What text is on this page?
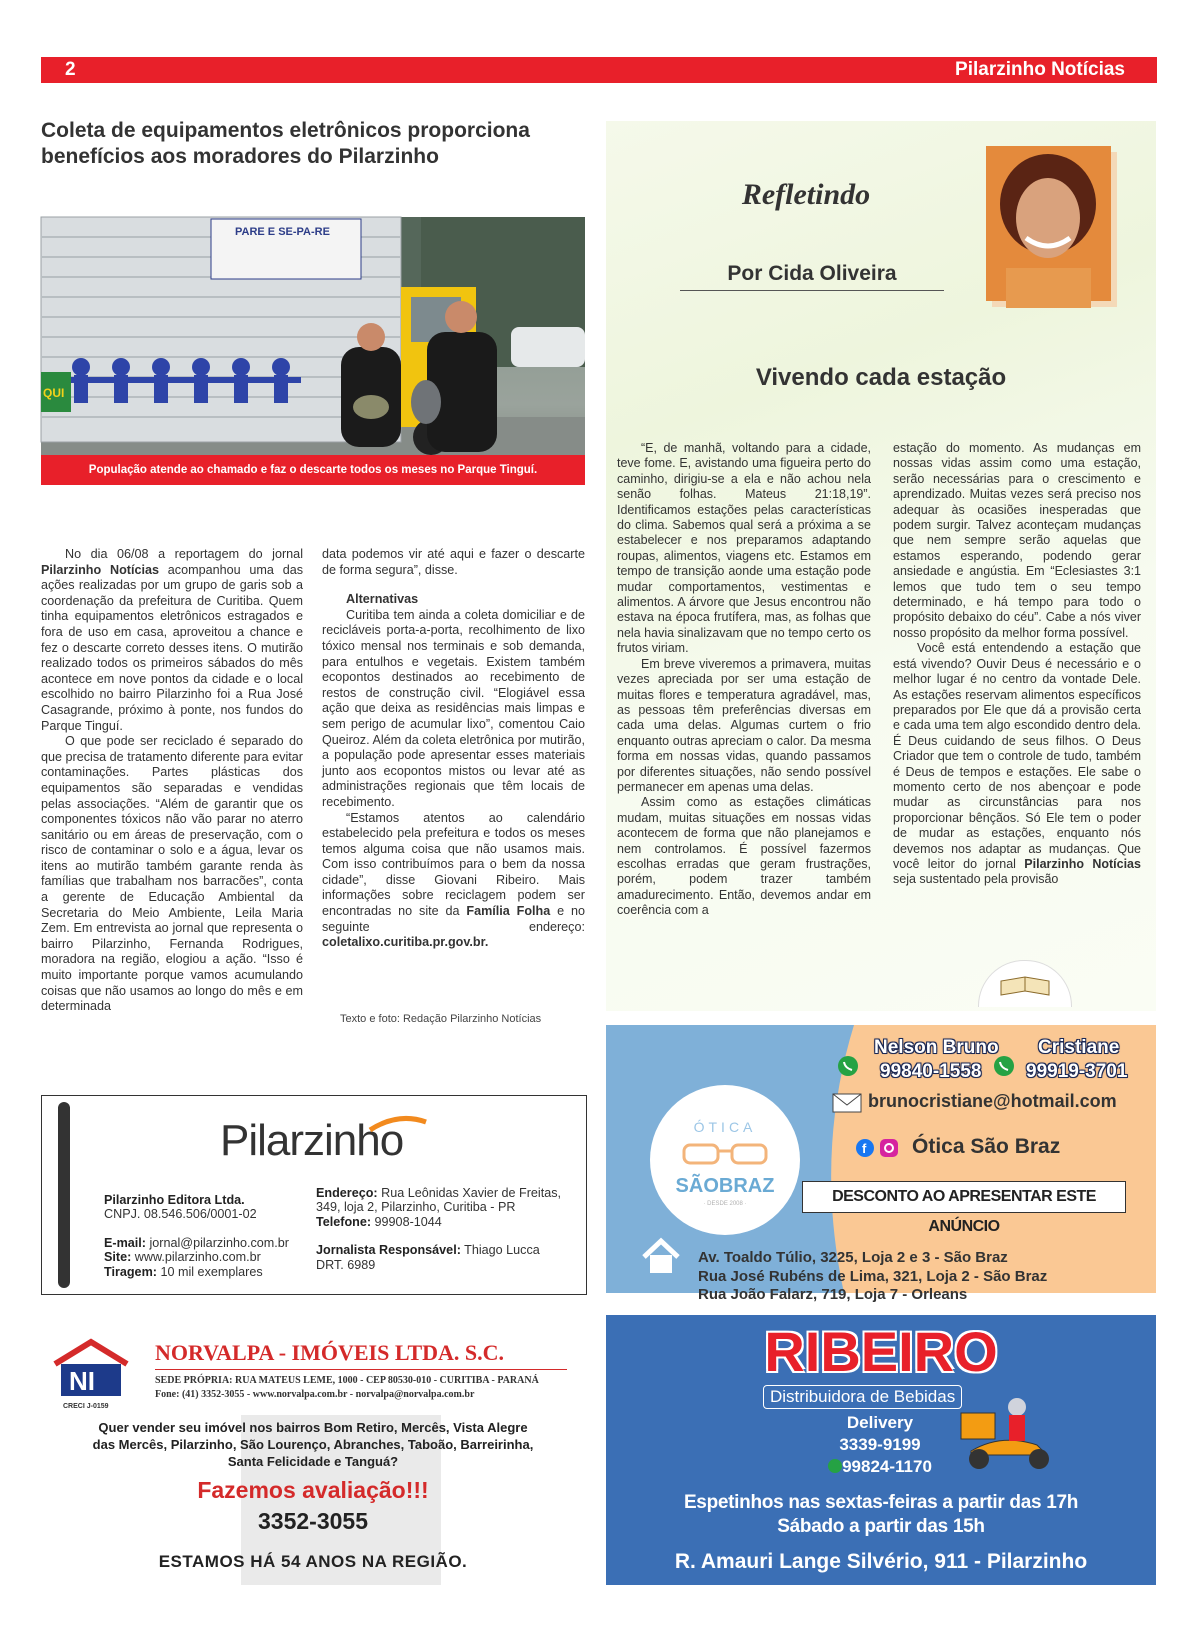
2	Pilarzinho Notícias
Coleta de equipamentos eletrônicos proporciona
benefícios aos moradores do Pilarzinho
PARE E SE-PA-RE
QUI
População atende ao chamado e faz o descarte todos os meses no Parque Tinguí.

No dia 06/08 a reportagem do jornal Pilarzinho Notícias acompanhou uma das ações realizadas por um grupo de garis sob a coordenação da prefeitura de Curitiba. Quem tinha equipamentos eletrônicos estragados e fora de uso em casa, aproveitou a chance e fez o descarte correto desses itens. O mutirão realizado todos os primeiros sábados do mês acontece em nove pontos da cidade e o local escolhido no bairro Pilarzinho foi a Rua José Casagrande, próximo à ponte, nos fundos do Parque Tinguí.

O que pode ser reciclado é separado do que precisa de tratamento diferente para evitar contaminações. Partes plásticas dos equipamentos são separadas e vendidas pelas associações. “Além de garantir que os componentes tóxicos não vão parar no aterro sanitário ou em áreas de preservação, com o risco de contaminar o solo e a água, levar os itens ao mutirão também garante renda às famílias que trabalham nos barracões”, conta a gerente de Educação Ambiental da Secretaria do Meio Ambiente, Leila Maria Zem. Em entrevista ao jornal que representa o bairro Pilarzinho, Fernanda Rodrigues, moradora na região, elogiou a ação. “Isso é muito importante porque vamos acumulando coisas que não usamos ao longo do mês e em determinada

data podemos vir até aqui e fazer o descarte de forma segura”, disse.

Alternativas

Curitiba tem ainda a coleta domiciliar e de recicláveis porta-a-porta, recolhimento de lixo tóxico mensal nos terminais e sob demanda, para entulhos e vegetais. Existem também ecopontos destinados ao recebimento de restos de construção civil. “Elogiável essa ação que deixa as residências mais limpas e sem perigo de acumular lixo”, comentou Caio Queiroz. Além da coleta eletrônica por mutirão, a população pode apresentar esses materiais junto aos ecopontos mistos ou levar até as administrações regionais que têm locais de recebimento.

“Estamos atentos ao calendário estabelecido pela prefeitura e todos os meses temos alguma coisa que não usamos mais. Com isso contribuímos para o bem da nossa cidade”, disse Giovani Ribeiro. Mais informações sobre reciclagem podem ser encontradas no site da Família Folha e no seguinte endereço: coletalixo.curitiba.pr.gov.br.

Texto e foto: Redação Pilarzinho Notícias
Refletindo
Por Cida Oliveira
Vivendo cada estação

“E, de manhã, voltando para a cidade, teve fome. E, avistando uma figueira perto do caminho, dirigiu-se a ela e não achou nela senão folhas. Mateus 21:18,19”. Identificamos estações pelas características do clima. Sabemos qual será a próxima a se estabelecer e nos preparamos adaptando roupas, alimentos, viagens etc. Estamos em tempo de transição aonde uma estação pode mudar comportamentos, vestimentas e alimentos. A árvore que Jesus encontrou não estava na época frutífera, mas, as folhas que nela havia sinalizavam que no tempo certo os frutos viriam.

Em breve viveremos a primavera, muitas vezes apreciada por ser uma estação de muitas flores e temperatura agradável, mas, as pessoas têm preferências diversas em cada uma delas. Algumas curtem o frio enquanto outras apreciam o calor. Da mesma forma em nossas vidas, quando passamos por diferentes situações, não sendo possível permanecer em apenas uma delas.

Assim como as estações climáticas mudam, muitas situações em nossas vidas acontecem de forma que não planejamos e nem controlamos. É possível fazermos escolhas erradas que geram frustrações, porém, podem trazer também amadurecimento. Então, devemos andar em coerência com a

estação do momento. As mudanças em nossas vidas assim como uma estação, serão necessárias para o crescimento e aprendizado. Muitas vezes será preciso nos adequar às ocasiões inesperadas que podem surgir. Talvez aconteçam mudanças que nem sempre serão aquelas que estamos esperando, podendo gerar ansiedade e angústia. Em “Eclesiastes 3:1 lemos que tudo tem o seu tempo determinado, e há tempo para todo o propósito debaixo do céu”. Cabe a nós viver nosso propósito da melhor forma possível.

Você está entendendo a estação que está vivendo? Ouvir Deus é necessário e o melhor lugar é no centro da vontade Dele. As estações reservam alimentos específicos preparados por Ele que dá a provisão certa e cada uma tem algo escondido dentro dela. É Deus cuidando de seus filhos. O Deus Criador que tem o controle de tudo, também é Deus de tempos e estações. Ele sabe o momento certo de nos abençoar e pode mudar as circunstâncias para nos proporcionar bênçãos. Só Ele tem o poder de mudar as estações, enquanto nós devemos nos adaptar as mudanças. Que você leitor do jornal Pilarzinho Notícias seja sustentado pela provisão

Pilarzinho
Pilarzinho Editora Ltda.
CNPJ. 08.546.506/0001-02
E-mail: jornal@pilarzinho.com.br
Site: www.pilarzinho.com.br
Tiragem: 10 mil exemplares
Endereço: Rua Leônidas Xavier de Freitas,
349, loja 2, Pilarzinho, Curitiba - PR
Telefone: 99908-1044
Jornalista Responsável: Thiago Lucca
DRT. 6989
ÓTICA
SÃOBRAZ
· DESDE 2008 ·
Nelson Bruno
99840-1558
Cristiane
99919-3701
brunocristiane@hotmail.com
f Ótica São Braz
DESCONTO AO APRESENTAR ESTE ANÚNCIO
Av. Toaldo Túlio, 3225, Loja 2 e 3 - São Braz
Rua José Rubéns de Lima, 321, Loja 2 - São Braz
Rua João Falarz, 719, Loja 7 - Orleans
NI
CRECI J-0159
NORVALPA - IMÓVEIS LTDA. S.C.
SEDE PRÓPRIA: RUA MATEUS LEME, 1000 - CEP 80530-010 - CURITIBA - PARANÁ
Fone: (41) 3352-3055 - www.norvalpa.com.br - norvalpa@norvalpa.com.br
Quer vender seu imóvel nos bairros Bom Retiro, Mercês, Vista Alegre
das Mercês, Pilarzinho, São Lourenço, Abranches, Taboão, Barreirinha,
Santa Felicidade e Tanguá?
Fazemos avaliação!!!
3352-3055
ESTAMOS HÁ 54 ANOS NA REGIÃO.
RIBEIRO
Distribuidora de Bebidas
Delivery
3339-9199
99824-1170
Espetinhos nas sextas-feiras a partir das 17h
Sábado a partir das 15h
R. Amauri Lange Silvério, 911 - Pilarzinho
